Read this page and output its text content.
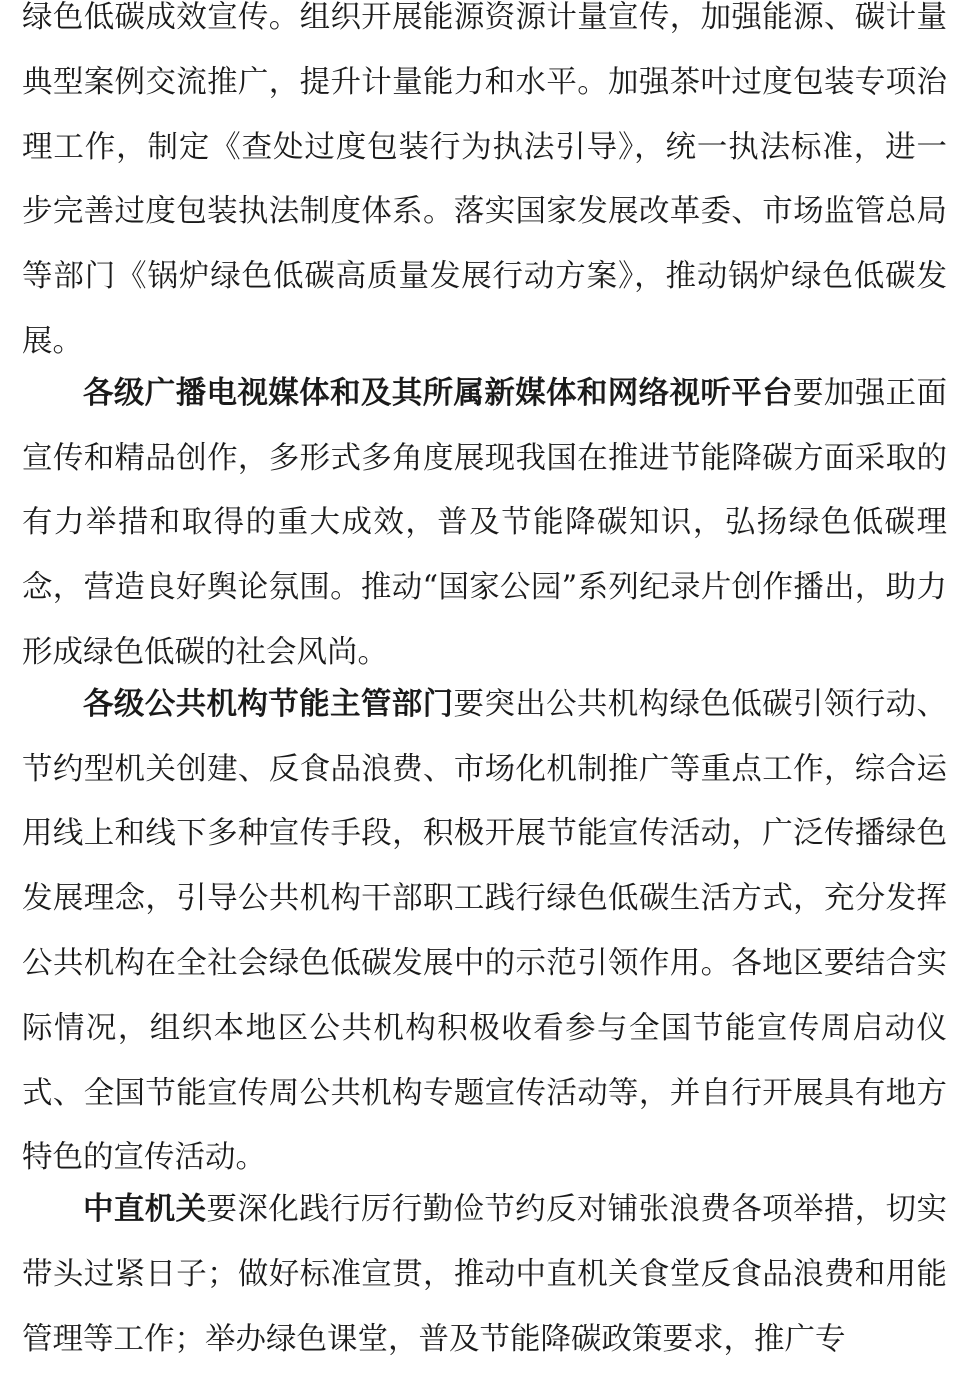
绿色低碳成效宣传。组织开展能源资源计量宣传，加强能源、碳计量典型案例交流推广，提升计量能力和水平。加强茶叶过度包装专项治理工作，制定《查处过度包装行为执法引导》，统一执法标准，进一步完善过度包装执法制度体系。落实国家发展改革委、市场监管总局等部门《锅炉绿色低碳高质量发展行动方案》，推动锅炉绿色低碳发展。

各级广播电视媒体和及其所属新媒体和网络视听平台要加强正面宣传和精品创作，多形式多角度展现我国在推进节能降碳方面采取的有力举措和取得的重大成效，普及节能降碳知识，弘扬绿色低碳理念，营造良好舆论氛围。推动“国家公园”系列纪录片创作播出，助力形成绿色低碳的社会风尚。

各级公共机构节能主管部门要突出公共机构绿色低碳引领行动、节约型机关创建、反食品浪费、市场化机制推广等重点工作，综合运用线上和线下多种宣传手段，积极开展节能宣传活动，广泛传播绿色发展理念，引导公共机构干部职工践行绿色低碳生活方式，充分发挥公共机构在全社会绿色低碳发展中的示范引领作用。各地区要结合实际情况，组织本地区公共机构积极收看参与全国节能宣传周启动仪式、全国节能宣传周公共机构专题宣传活动等，并自行开展具有地方特色的宣传活动。

中直机关要深化践行厉行勤俭节约反对铺张浪费各项举措，切实带头过紧日子；做好标准宣贯，推动中直机关食堂反食品浪费和用能管理等工作；举办绿色课堂，普及节能降碳政策要求，推广专
